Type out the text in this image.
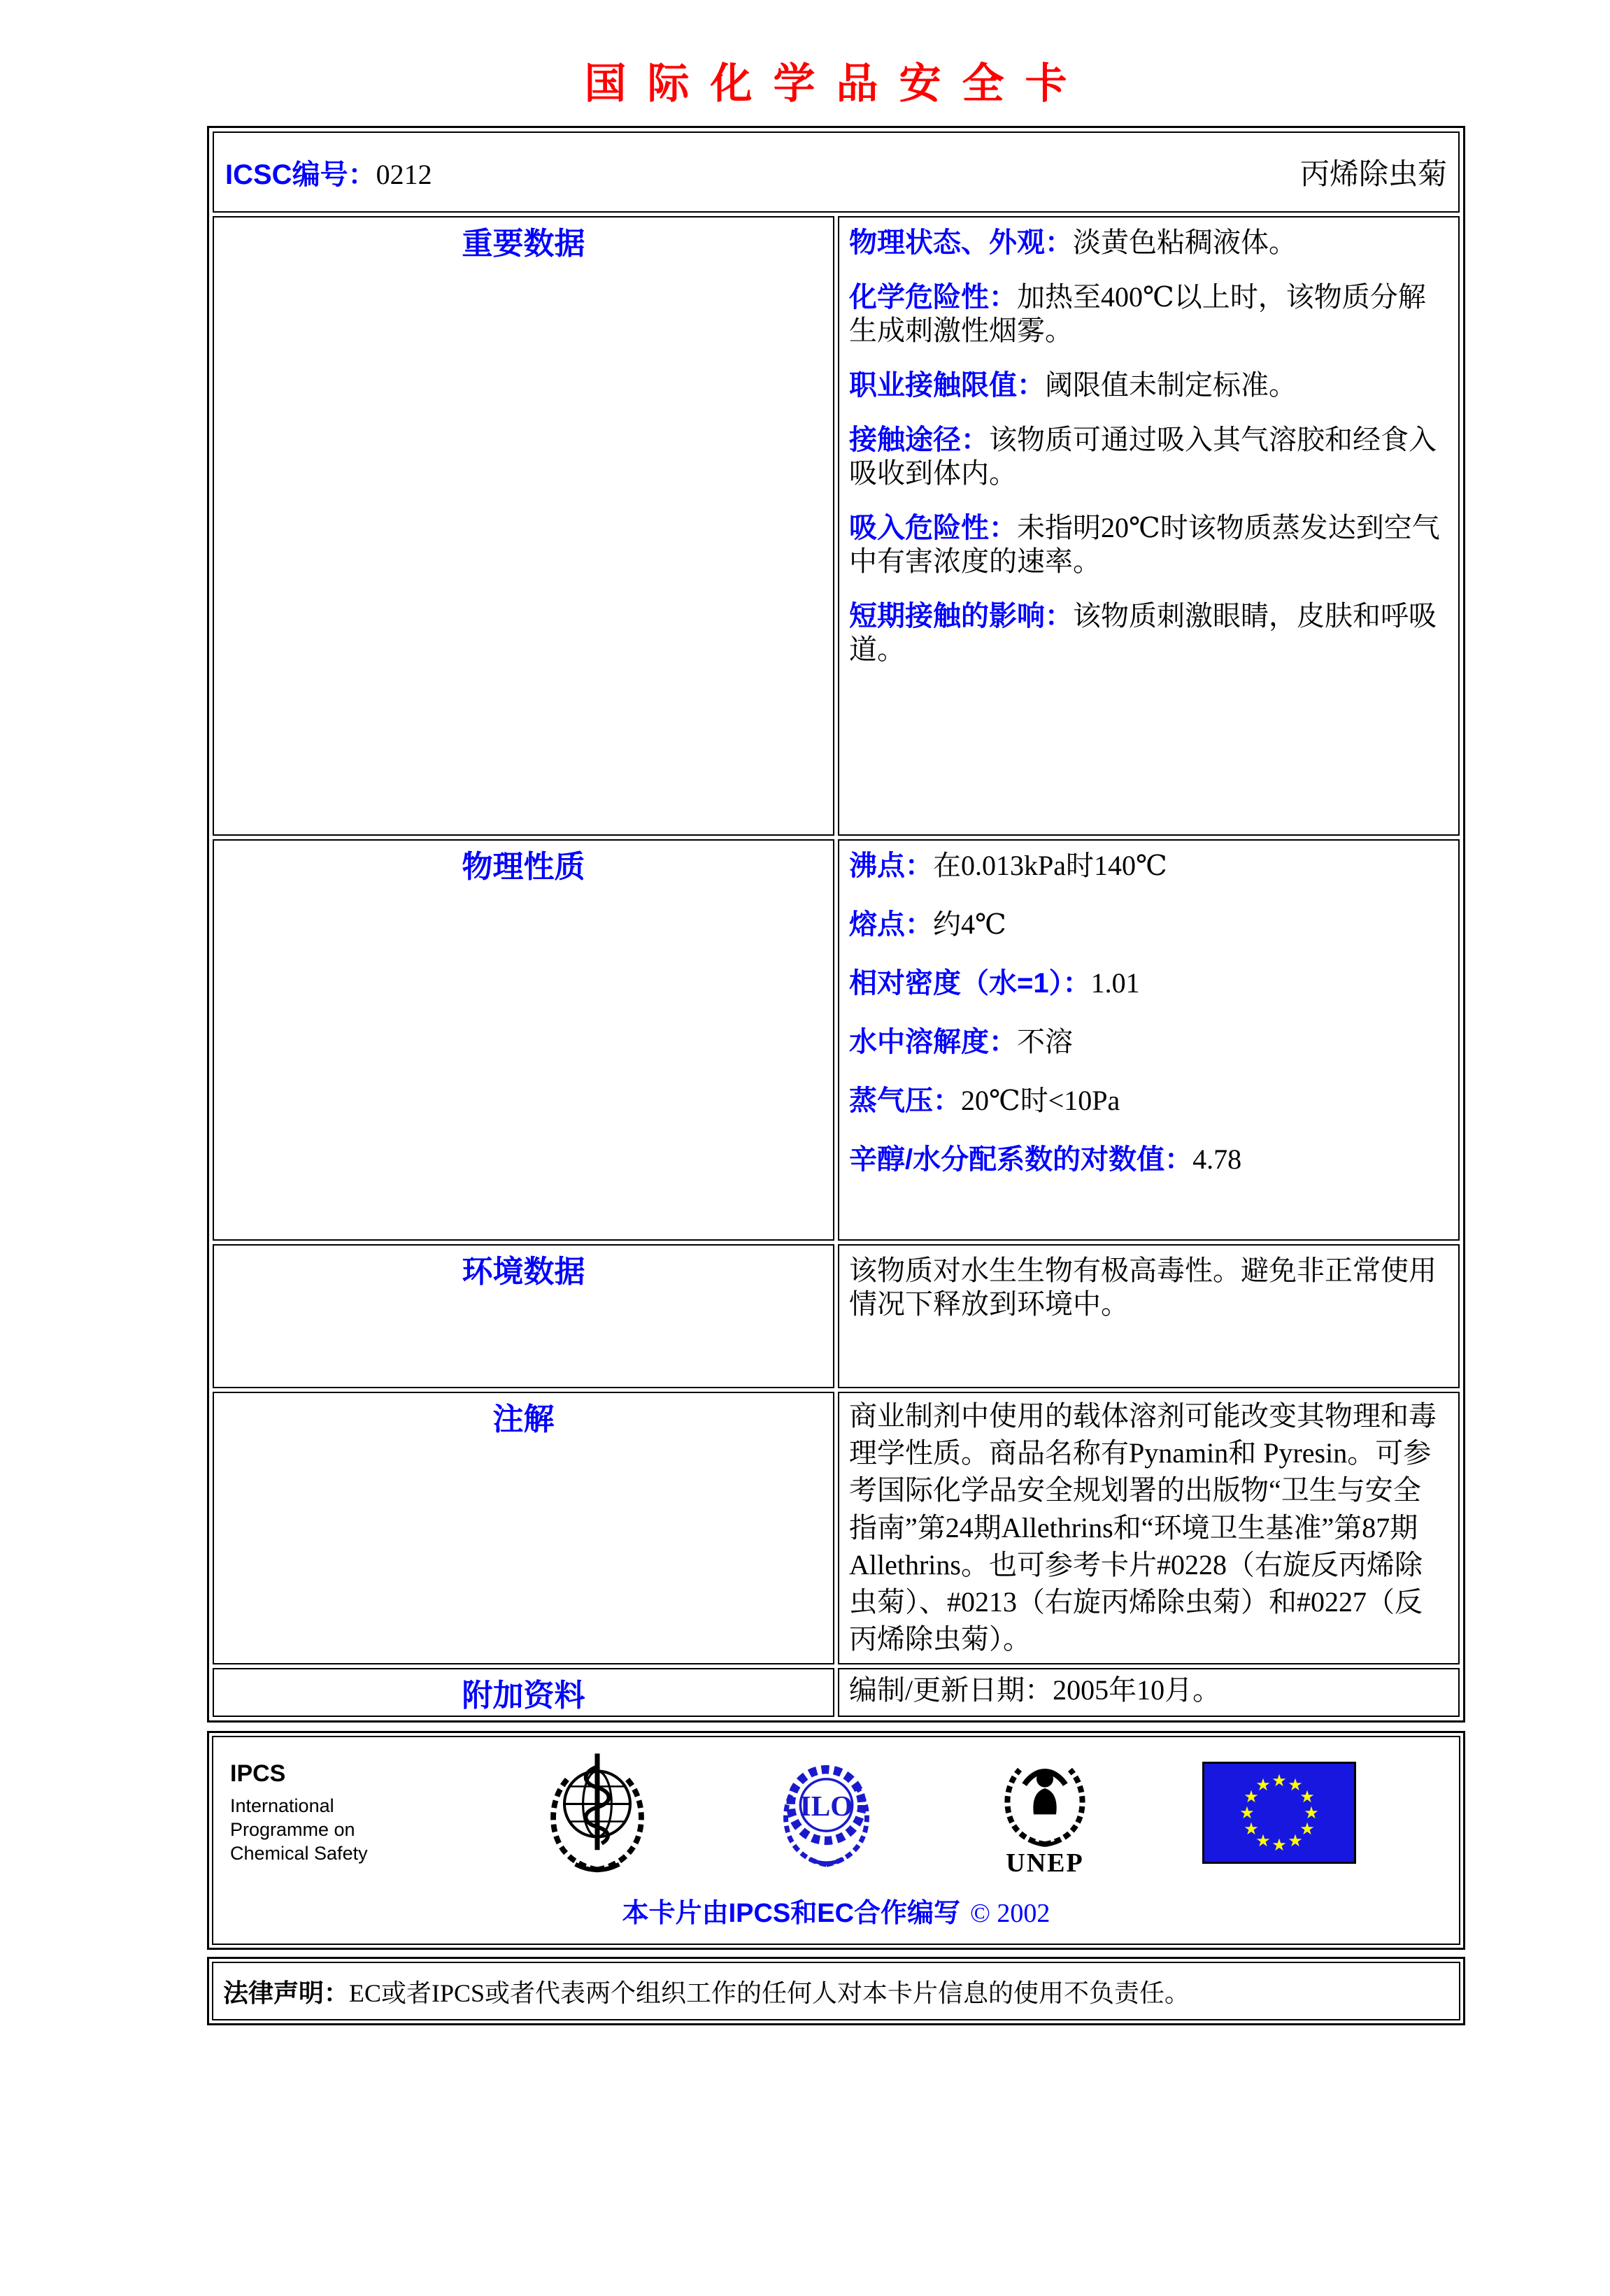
国际化学品安全卡
ICSC编号：0212 丙烯除虫菊	

重要数据	物理状态、外观：淡黄色粘稠液体。

化学危险性：加热至400℃以上时，该物质分解生成刺激性烟雾。

职业接触限值：阈限值未制定标准。

接触途径：该物质可通过吸入其气溶胶和经食入吸收到体内。

吸入危险性：未指明20℃时该物质蒸发达到空气中有害浓度的速率。

短期接触的影响：该物质刺激眼睛，皮肤和呼吸道。

物理性质	沸点：在0.013kPa时140℃

熔点：约4℃

相对密度（水=1）：1.01

水中溶解度：不溶

蒸气压：20℃时<10Pa

辛醇/水分配系数的对数值：4.78

环境数据	该物质对水生生物有极高毒性。避免非正常使用情况下释放到环境中。

注解	商业制剂中使用的载体溶剂可能改变其物理和毒理学性质。商品名称有Pynamin和 Pyresin。可参考国际化学品安全规划署的出版物“卫生与安全指南”第24期Allethrins和“环境卫生基准”第87期Allethrins。也可参考卡片#0228（右旋反丙烯除虫菊）、#0213（右旋丙烯除虫菊）和#0227（反丙烯除虫菊）。
附加资料	编制/更新日期：2005年10月。
IPCS
International
Programme on
Chemical Safety
ILO
UNEP
★ ★
★
★
★
★
★
★
★
★
★
★
本卡片由IPCS和EC合作编写 © 2002
法律声明： EC或者IPCS或者代表两个组织工作的任何人对本卡片信息的使用不负责任。
